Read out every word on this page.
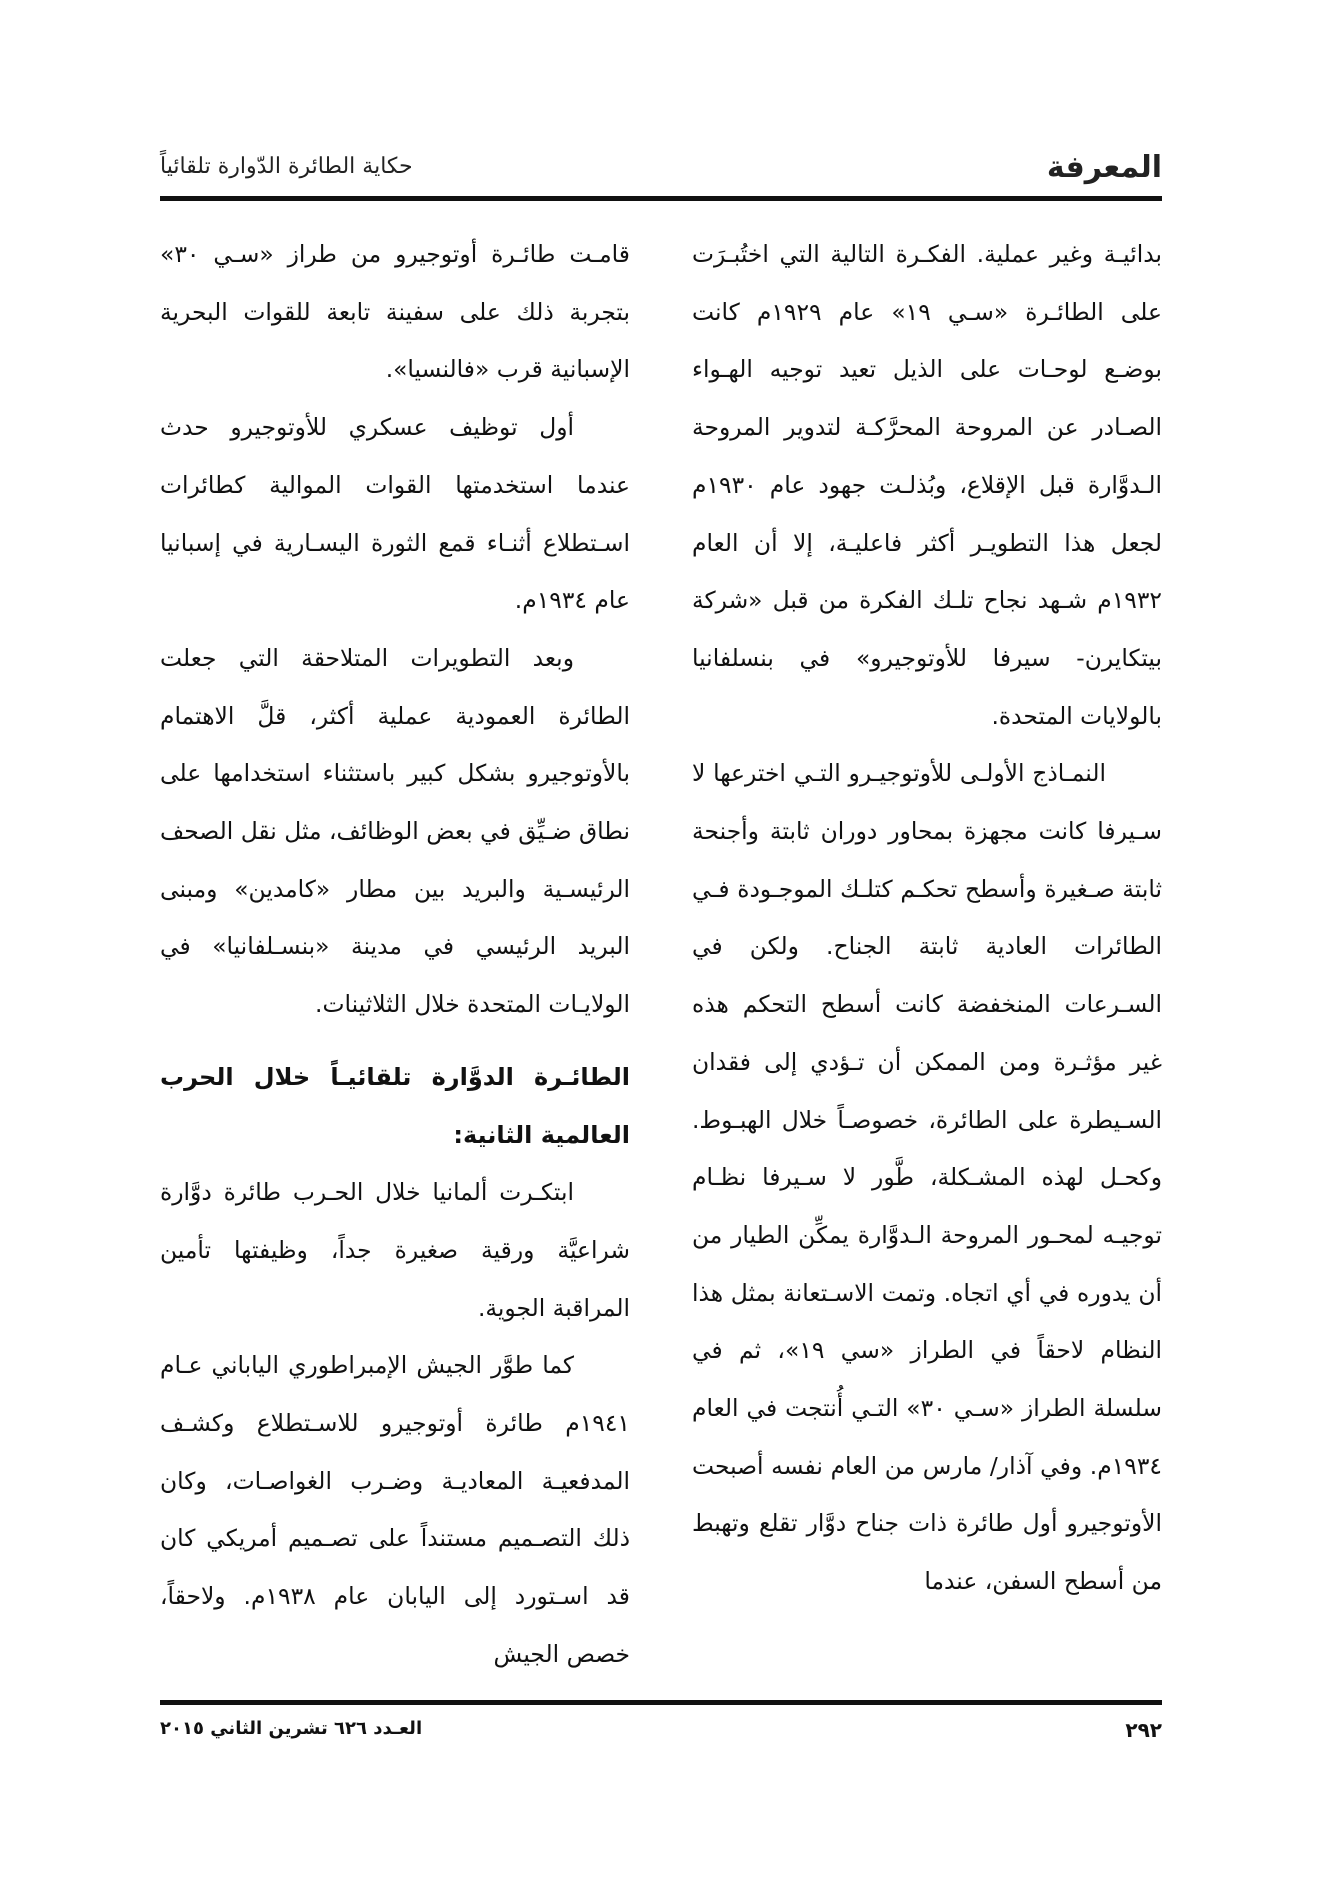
المعرفة
حكاية الطائرة الدّوارة تلقائياً

بدائيـة وغير عملية. الفكـرة التالية التي اختُبـرَت على الطائـرة «سـي ١٩» عام ١٩٢٩م كانت بوضـع لوحـات على الذيل تعيد توجيه الهـواء الصـادر عن المروحة المحرَّكـة لتدوير المروحة الـدوَّارة قبل الإقلاع، وبُذلـت جهود عام ١٩٣٠م لجعل هذا التطويـر أكثر فاعليـة، إلا أن العام ١٩٣٢م شـهد نجاح تلـك الفكرة من قبل «شركة بيتكايرن- سيرفا للأوتوجيرو» في بنسلفانيا بالولايات المتحدة.

النمـاذج الأولـى للأوتوجيـرو التـي اخترعها لا سـيرفا كانت مجهزة بمحاور دوران ثابتة وأجنحة ثابتة صـغيرة وأسطح تحكـم كتلـك الموجـودة فـي الطائرات العادية ثابتة الجناح. ولكن في السـرعات المنخفضة كانت أسطح التحكم هذه غير مؤثـرة ومن الممكن أن تـؤدي إلى فقدان السـيطرة على الطائرة، خصوصـاً خلال الهبـوط. وكحـل لهذه المشـكلة، طَّور لا سـيرفا نظـام توجيـه لمحـور المروحة الـدوَّارة يمكِّن الطيار من أن يدوره في أي اتجاه. وتمت الاسـتعانة بمثل هذا النظام لاحقاً في الطراز «سي ١٩»، ثم في سلسلة الطراز «سـي ٣٠» التـي أُنتجت في العام ١٩٣٤م. وفي آذار/ مارس من العام نفسه أصبحت الأوتوجيرو أول طائرة ذات جناح دوَّار تقلع وتهبط من أسطح السفن، عندما

قامـت طائـرة أوتوجيرو من طراز «سـي ٣٠» بتجربة ذلك على سفينة تابعة للقوات البحرية الإسبانية قرب «فالنسيا».

أول توظيف عسكري للأوتوجيرو حدث عندما استخدمتها القوات الموالية كطائرات اسـتطلاع أثنـاء قمع الثورة اليسـارية في إسبانيا عام ١٩٣٤م.

وبعد التطويرات المتلاحقة التي جعلت الطائرة العمودية عملية أكثر، قلَّ الاهتمام بالأوتوجيرو بشكل كبير باستثناء استخدامها على نطاق ضـيِّق في بعض الوظائف، مثل نقل الصحف الرئيسـية والبريد بين مطار «كامدين» ومبنى البريد الرئيسي في مدينة «بنسـلفانيا» في الولايـات المتحدة خلال الثلاثينات.

الطائـرة الدوَّارة تلقائيـاً خلال الحرب العالمية الثانية:

ابتكـرت ألمانيا خلال الحـرب طائرة دوَّارة شراعيَّة ورقية صغيرة جداً، وظيفتها تأمين المراقبة الجوية.

كما طوَّر الجيش الإمبراطوري الياباني عـام ١٩٤١م طائرة أوتوجيرو للاسـتطلاع وكشـف المدفعيـة المعاديـة وضـرب الغواصـات، وكان ذلك التصـميم مستنداً على تصـميم أمريكي كان قد اسـتورد إلى اليابان عام ١٩٣٨م. ولاحقاً، خصص الجيش

٢٩٢
العـدد ٦٢٦ تشرين الثاني ٢٠١٥
